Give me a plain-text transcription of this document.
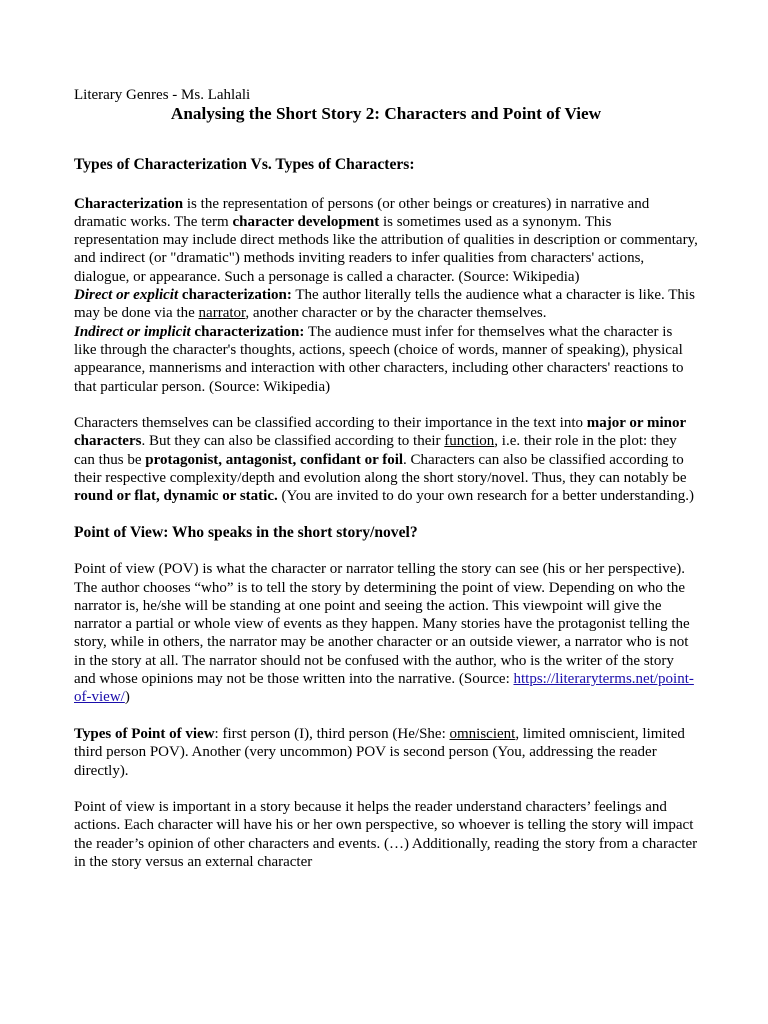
Literary Genres - Ms. Lahlali

Analysing the Short Story 2: Characters and Point of View

Types of Characterization Vs. Types of Characters:

Characterization is the representation of persons (or other beings or creatures) in narrative and dramatic works. The term character development is sometimes used as a synonym. This representation may include direct methods like the attribution of qualities in description or commentary, and indirect (or "dramatic") methods inviting readers to infer qualities from characters' actions, dialogue, or appearance. Such a personage is called a character. (Source: Wikipedia)

Direct or explicit characterization: The author literally tells the audience what a character is like. This may be done via the narrator, another character or by the character themselves.

Indirect or implicit characterization: The audience must infer for themselves what the character is like through the character's thoughts, actions, speech (choice of words, manner of speaking), physical appearance, mannerisms and interaction with other characters, including other characters' reactions to that particular person. (Source: Wikipedia)

Characters themselves can be classified according to their importance in the text into major or minor characters. But they can also be classified according to their function, i.e. their role in the plot: they can thus be protagonist, antagonist, confidant or foil. Characters can also be classified according to their respective complexity/depth and evolution along the short story/novel. Thus, they can notably be round or flat, dynamic or static. (You are invited to do your own research for a better understanding.)

Point of View: Who speaks in the short story/novel?

Point of view (POV) is what the character or narrator telling the story can see (his or her perspective). The author chooses “who” is to tell the story by determining the point of view. Depending on who the narrator is, he/she will be standing at one point and seeing the action. This viewpoint will give the narrator a partial or whole view of events as they happen. Many stories have the protagonist telling the story, while in others, the narrator may be another character or an outside viewer, a narrator who is not in the story at all. The narrator should not be confused with the author, who is the writer of the story and whose opinions may not be those written into the narrative. (Source: https://literaryterms.net/point-of-view/)

Types of Point of view: first person (I), third person (He/She: omniscient, limited omniscient, limited third person POV). Another (very uncommon) POV is second person (You, addressing the reader directly).

Point of view is important in a story because it helps the reader understand characters’ feelings and actions. Each character will have his or her own perspective, so whoever is telling the story will impact the reader’s opinion of other characters and events. (…) Additionally, reading the story from a character in the story versus an external character
